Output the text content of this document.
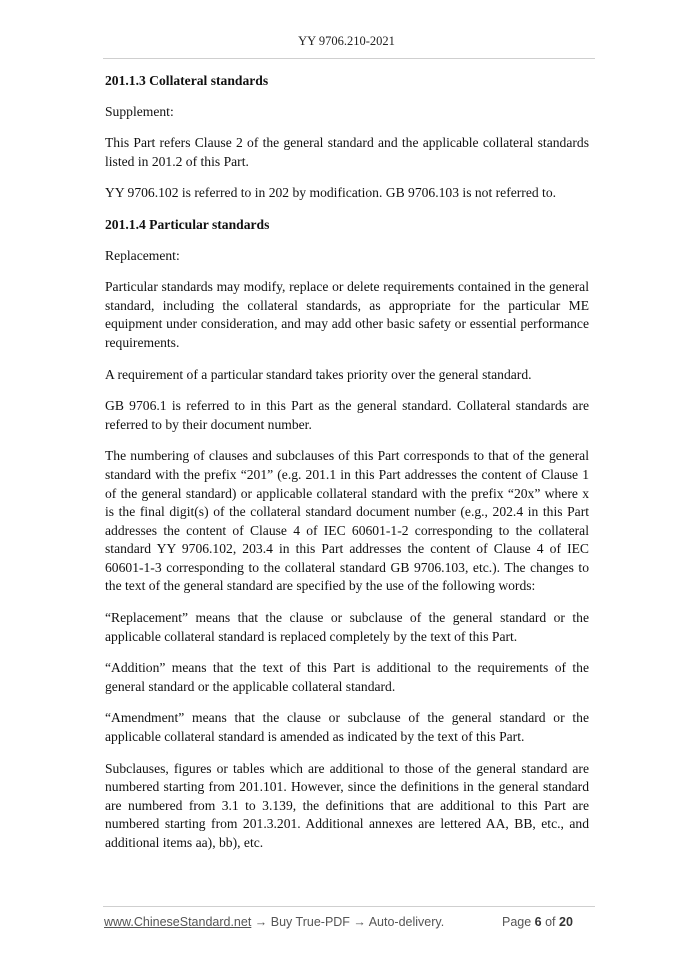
YY 9706.210-2021

201.1.3 Collateral standards

Supplement:

This Part refers Clause 2 of the general standard and the applicable collateral standards listed in 201.2 of this Part.

YY 9706.102 is referred to in 202 by modification. GB 9706.103 is not referred to.

201.1.4 Particular standards

Replacement:

Particular standards may modify, replace or delete requirements contained in the general standard, including the collateral standards, as appropriate for the particular ME equipment under consideration, and may add other basic safety or essential performance requirements.

A requirement of a particular standard takes priority over the general standard.

GB 9706.1 is referred to in this Part as the general standard. Collateral standards are referred to by their document number.

The numbering of clauses and subclauses of this Part corresponds to that of the general standard with the prefix “201” (e.g. 201.1 in this Part addresses the content of Clause 1 of the general standard) or applicable collateral standard with the prefix “20x” where x is the final digit(s) of the collateral standard document number (e.g., 202.4 in this Part addresses the content of Clause 4 of IEC 60601-1-2 corresponding to the collateral standard YY 9706.102, 203.4 in this Part addresses the content of Clause 4 of IEC 60601-1-3 corresponding to the collateral standard GB 9706.103, etc.). The changes to the text of the general standard are specified by the use of the following words:

“Replacement” means that the clause or subclause of the general standard or the applicable collateral standard is replaced completely by the text of this Part.

“Addition” means that the text of this Part is additional to the requirements of the general standard or the applicable collateral standard.

“Amendment” means that the clause or subclause of the general standard or the applicable collateral standard is amended as indicated by the text of this Part.

Subclauses, figures or tables which are additional to those of the general standard are numbered starting from 201.101. However, since the definitions in the general standard are numbered from 3.1 to 3.139, the definitions that are additional to this Part are numbered starting from 201.3.201. Additional annexes are lettered AA, BB, etc., and additional items aa), bb), etc.

www.ChineseStandard.net → Buy True-PDF → Auto-delivery.	Page 6 of 20
